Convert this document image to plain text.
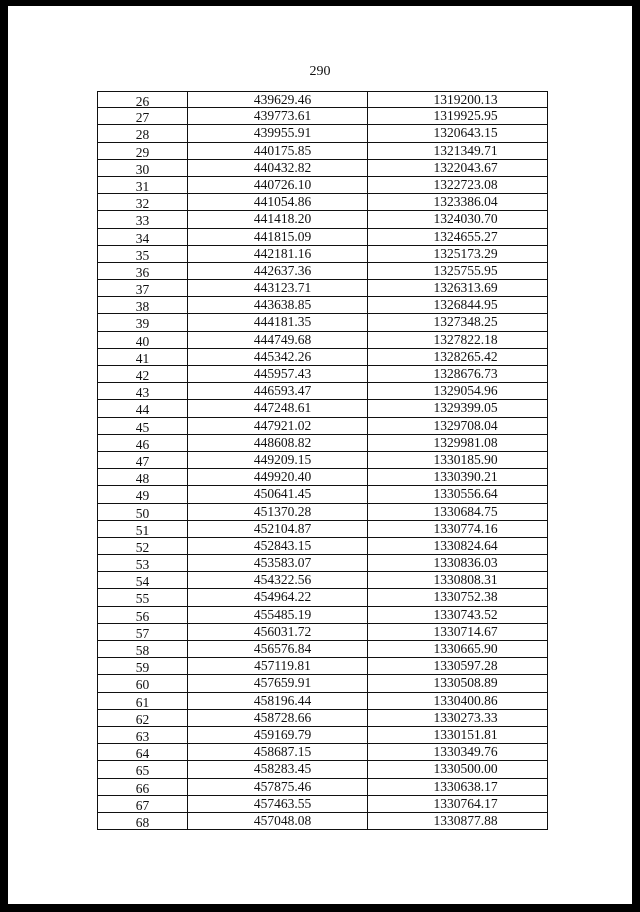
290
26	439629.46	1319200.13
27	439773.61	1319925.95
28	439955.91	1320643.15
29	440175.85	1321349.71
30	440432.82	1322043.67
31	440726.10	1322723.08
32	441054.86	1323386.04
33	441418.20	1324030.70
34	441815.09	1324655.27
35	442181.16	1325173.29
36	442637.36	1325755.95
37	443123.71	1326313.69
38	443638.85	1326844.95
39	444181.35	1327348.25
40	444749.68	1327822.18
41	445342.26	1328265.42
42	445957.43	1328676.73
43	446593.47	1329054.96
44	447248.61	1329399.05
45	447921.02	1329708.04
46	448608.82	1329981.08
47	449209.15	1330185.90
48	449920.40	1330390.21
49	450641.45	1330556.64
50	451370.28	1330684.75
51	452104.87	1330774.16
52	452843.15	1330824.64
53	453583.07	1330836.03
54	454322.56	1330808.31
55	454964.22	1330752.38
56	455485.19	1330743.52
57	456031.72	1330714.67
58	456576.84	1330665.90
59	457119.81	1330597.28
60	457659.91	1330508.89
61	458196.44	1330400.86
62	458728.66	1330273.33
63	459169.79	1330151.81
64	458687.15	1330349.76
65	458283.45	1330500.00
66	457875.46	1330638.17
67	457463.55	1330764.17
68	457048.08	1330877.88
